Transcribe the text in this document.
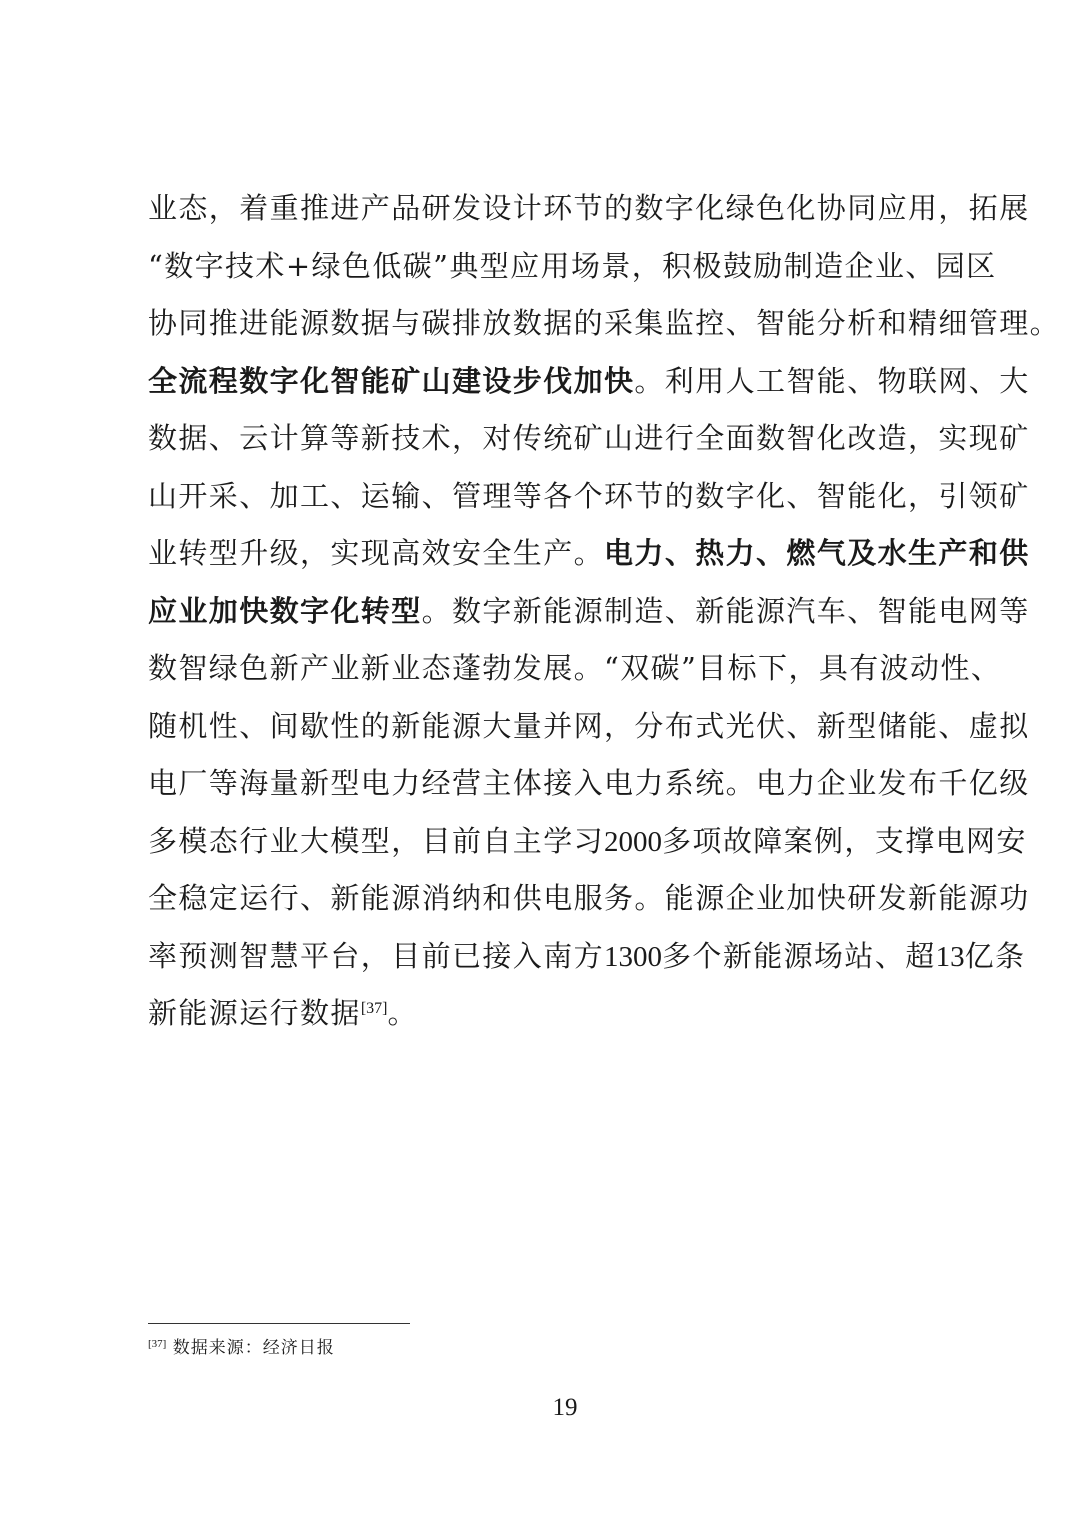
业态，着重推进产品研发设计环节的数字化绿色化协同应用，拓展
“数字技术+绿色低碳”典型应用场景，积极鼓励制造企业、园区
协同推进能源数据与碳排放数据的采集监控、智能分析和精细管理。
全流程数字化智能矿山建设步伐加快。利用人工智能、物联网、大
数据、云计算等新技术，对传统矿山进行全面数智化改造，实现矿
山开采、加工、运输、管理等各个环节的数字化、智能化，引领矿
业转型升级，实现高效安全生产。电力、热力、燃气及水生产和供
应业加快数字化转型。数字新能源制造、新能源汽车、智能电网等
数智绿色新产业新业态蓬勃发展。“双碳”目标下，具有波动性、
随机性、间歇性的新能源大量并网，分布式光伏、新型储能、虚拟
电厂等海量新型电力经营主体接入电力系统。电力企业发布千亿级
多模态行业大模型，目前自主学习2000多项故障案例，支撑电网安
全稳定运行、新能源消纳和供电服务。能源企业加快研发新能源功
率预测智慧平台，目前已接入南方1300多个新能源场站、超13亿条
新能源运行数据[37]。
[37] 数据来源：经济日报
19
